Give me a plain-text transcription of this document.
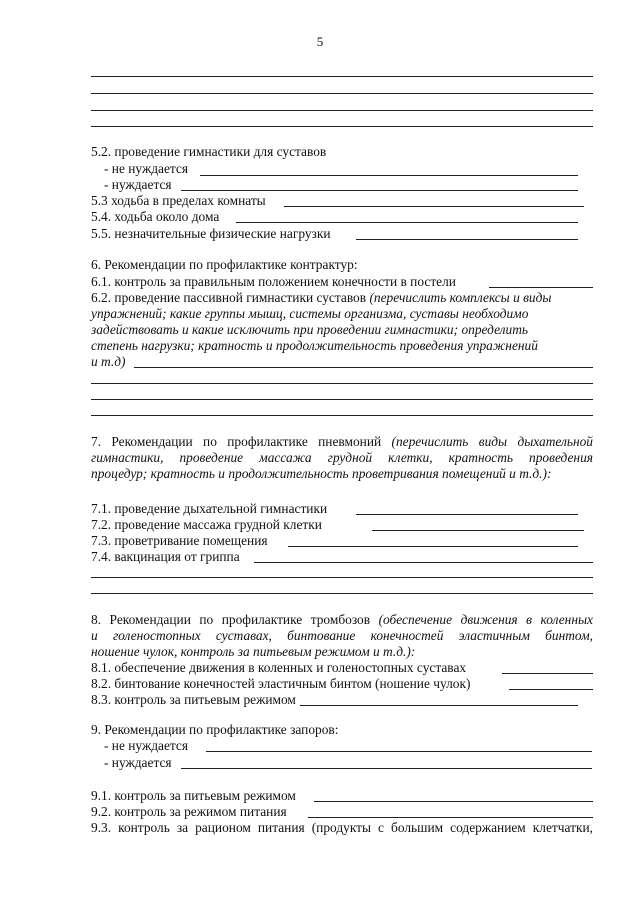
5
5.2. проведение гимнастики для суставов
- не нуждается
- нуждается
5.3 ходьба в пределах комнаты
5.4. ходьба около дома
5.5. незначительные физические нагрузки
6. Рекомендации по профилактике контрактур:
6.1. контроль за правильным положением конечности в постели
6.2. проведение пассивной гимнастики суставов (перечислить комплексы и виды
упражнений; какие группы мышц, системы организма, суставы необходимо
задействовать и какие исключить при проведении гимнастики; определить
степень нагрузки; кратность и продолжительность проведения упражнений
и т.д)
7. Рекомендации по профилактике пневмоний (перечислить виды дыхательной
гимнастики, проведение массажа грудной клетки, кратность проведения
процедур; кратность и продолжительность проветривания помещений и т.д.):
7.1. проведение дыхательной гимнастики
7.2. проведение массажа грудной клетки
7.3. проветривание помещения
7.4. вакцинация от гриппа
8. Рекомендации по профилактике тромбозов (обеспечение движения в коленных
и голеностопных суставах, бинтование конечностей эластичным бинтом,
ношение чулок, контроль за питьевым режимом и т.д.):
8.1. обеспечение движения в коленных и голеностопных суставах
8.2. бинтование конечностей эластичным бинтом (ношение чулок)
8.3. контроль за питьевым режимом
9. Рекомендации по профилактике запоров:
- не нуждается
- нуждается
9.1. контроль за питьевым режимом
9.2. контроль за режимом питания
9.3. контроль за рационом питания (продукты с большим содержанием клетчатки,
